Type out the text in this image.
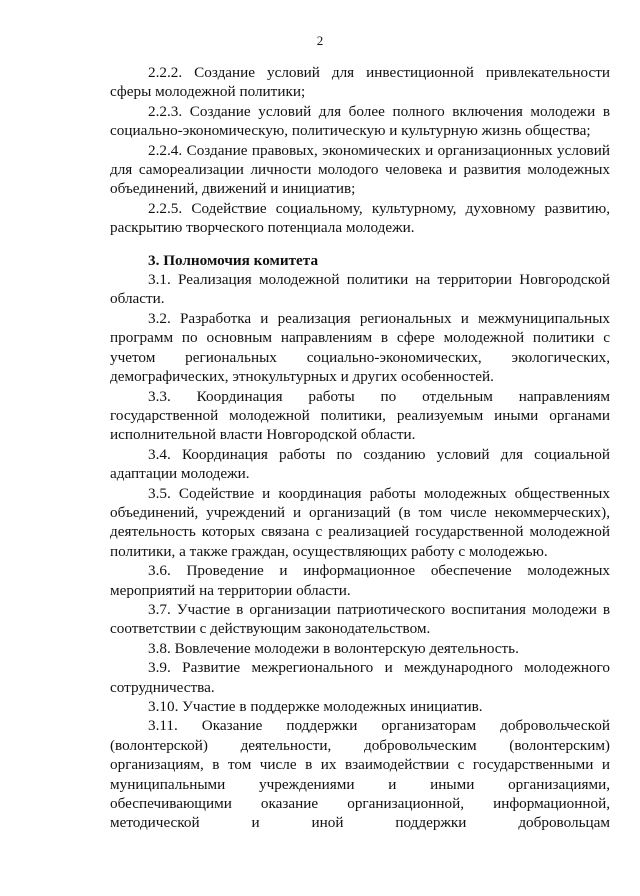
2

2.2.2. Создание условий для инвестиционной привлекательности сферы молодежной политики;

2.2.3. Создание условий для более полного включения молодежи в социально-экономическую, политическую и культурную жизнь общества;

2.2.4. Создание правовых, экономических и организационных условий для самореализации личности молодого человека и развития молодежных объединений, движений и инициатив;

2.2.5. Содействие социальному, культурному, духовному развитию, раскрытию творческого потенциала молодежи.

3. Полномочия комитета

3.1. Реализация молодежной политики на территории Новгородской области.

3.2. Разработка и реализация региональных и межмуниципальных программ по основным направлениям в сфере молодежной политики с учетом региональных социально-экономических, экологических, демографических, этнокультурных и других особенностей.

3.3. Координация работы по отдельным направлениям государственной молодежной политики, реализуемым иными органами исполнительной власти Новгородской области.

3.4. Координация работы по созданию условий для социальной адаптации молодежи.

3.5. Содействие и координация работы молодежных общественных объединений, учреждений и организаций (в том числе некоммерческих), деятельность которых связана с реализацией государственной молодежной политики, а также граждан, осуществляющих работу с молодежью.

3.6. Проведение и информационное обеспечение молодежных мероприятий на территории области.

3.7. Участие в организации патриотического воспитания молодежи в соответствии с действующим законодательством.

3.8. Вовлечение молодежи в волонтерскую деятельность.

3.9. Развитие межрегионального и международного молодежного сотрудничества.

3.10. Участие в поддержке молодежных инициатив.

3.11. Оказание поддержки организаторам добровольческой (волонтерской) деятельности, добровольческим (волонтерским) организациям, в том числе в их взаимодействии с государственными и муниципальными учреждениями и иными организациями, обеспечивающими оказание организационной, информационной, методической и иной поддержки добровольцам
